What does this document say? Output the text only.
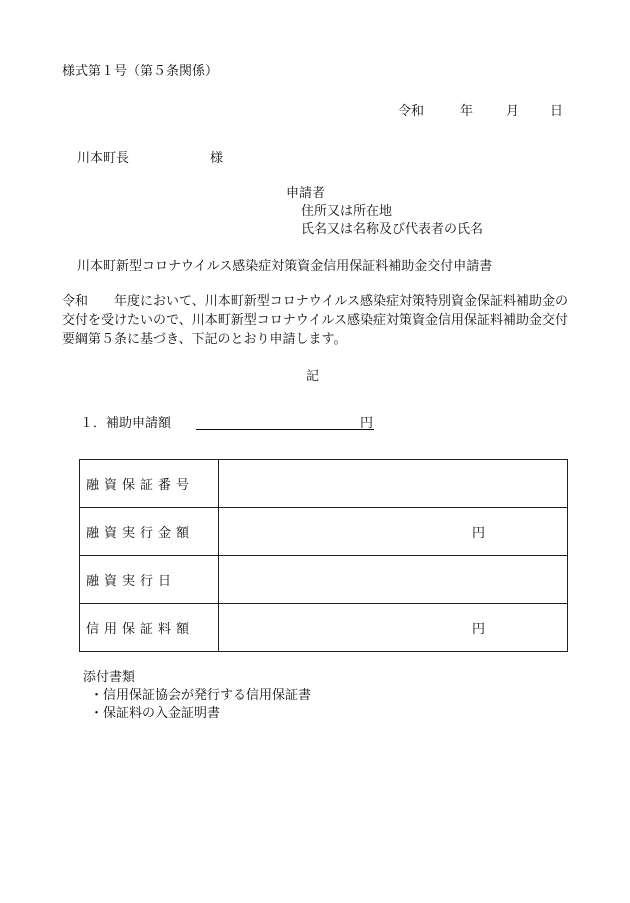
様式第１号（第５条関係）
令和	年	月 日
川本町長	様
申請者
住所又は所在地
氏名又は名称及び代表者の氏名
川本町新型コロナウイルス感染症対策資金信用保証料補助金交付申請書
令和　　年度において、川本町新型コロナウイルス感染症対策特別資金保証料補助金の交付を受けたいので、川本町新型コロナウイルス感染症対策資金信用保証料補助金交付要綱第５条に基づき、下記のとおり申請します。
記
１．補助申請額	円
融資保証番号	
融資実行金額	円
融資実行日	
信用保証料額	円
添付書類
・信用保証協会が発行する信用保証書
・保証料の入金証明書
